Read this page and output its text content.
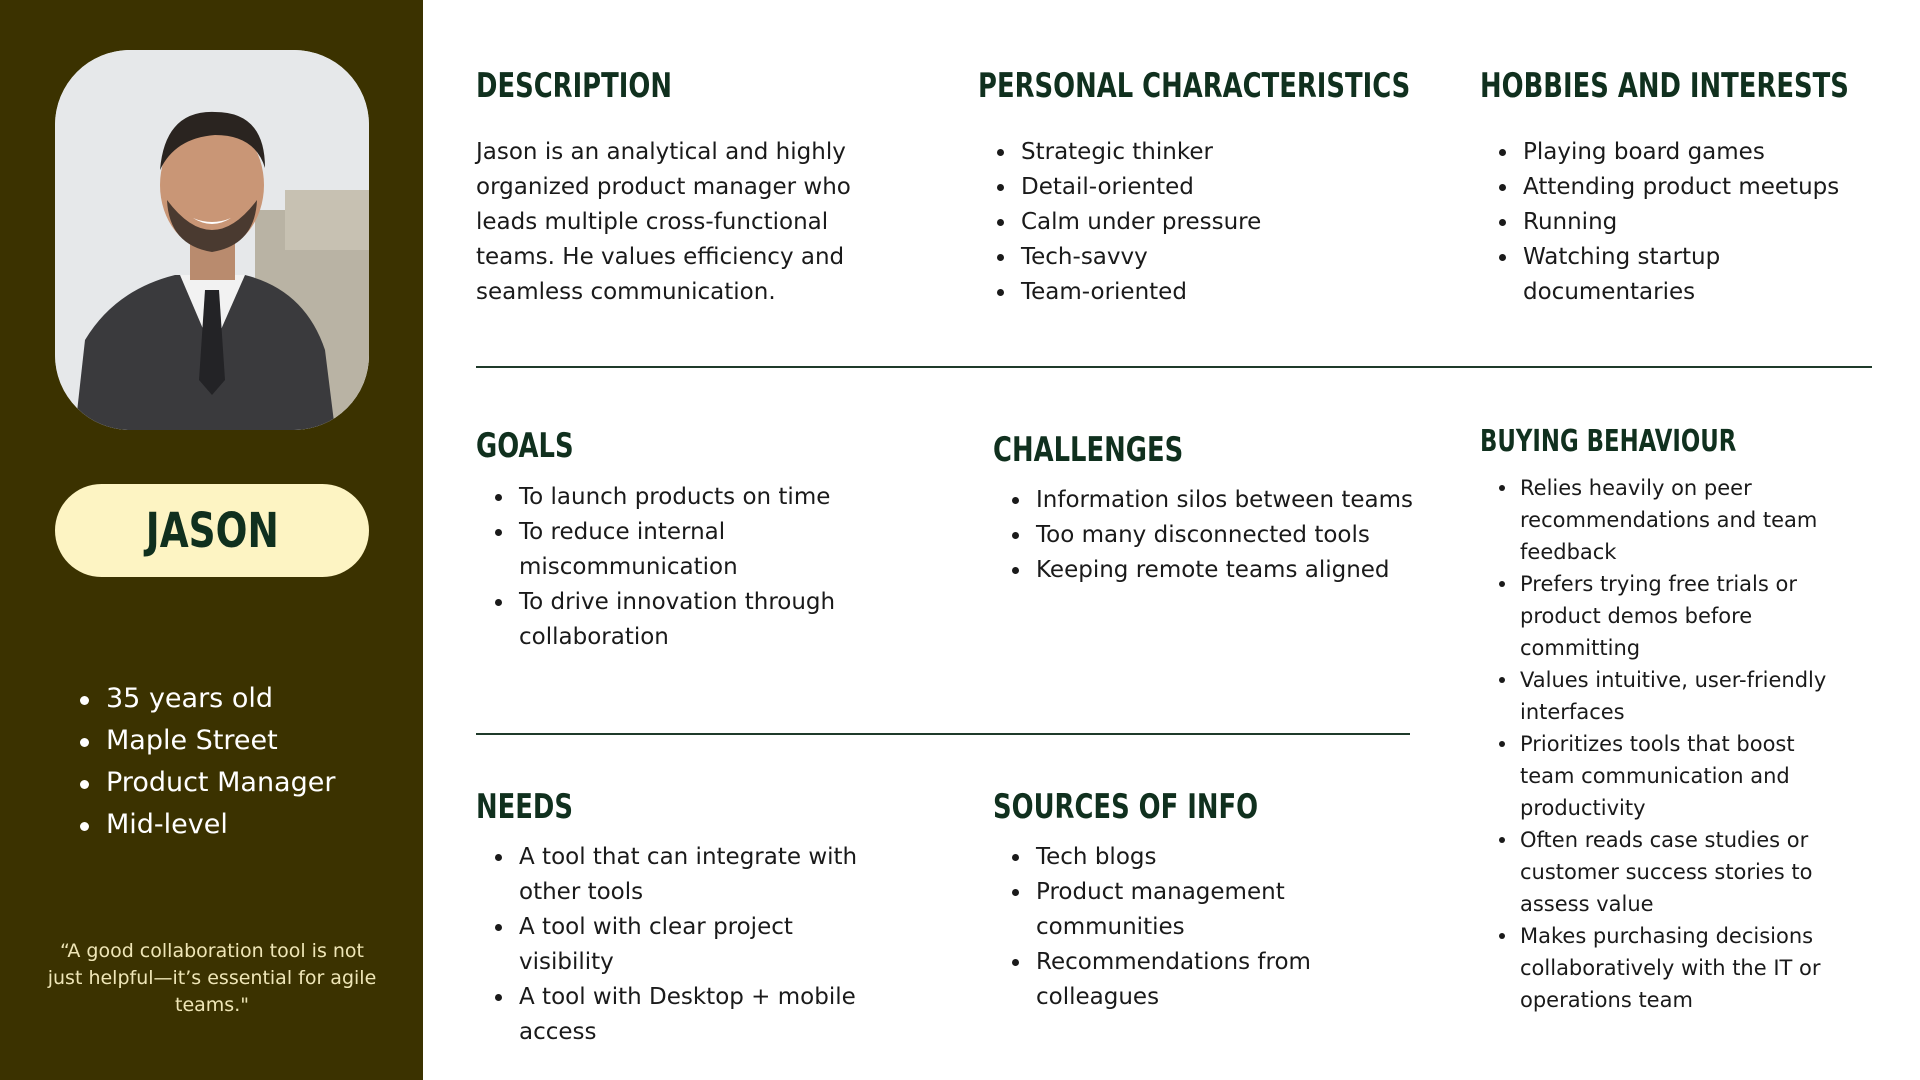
JASON
35 years old
Maple Street
Product Manager
Mid-level
“A good collaboration tool is not just helpful—it’s essential for agile teams."
DESCRIPTION
Jason is an analytical and highly organized product manager who leads multiple cross-functional teams. He values efficiency and seamless communication.
PERSONAL CHARACTERISTICS
Strategic thinker
Detail-oriented
Calm under pressure
Tech-savvy
Team-oriented
HOBBIES AND INTERESTS
Playing board games
Attending product meetups
Running
Watching startup documentaries
GOALS
To launch products on time
To reduce internal miscommunication
To drive innovation through collaboration
CHALLENGES
Information silos between teams
Too many disconnected tools
Keeping remote teams aligned
BUYING BEHAVIOUR
Relies heavily on peer recommendations and team feedback
Prefers trying free trials or product demos before committing
Values intuitive, user-friendly interfaces
Prioritizes tools that boost team communication and productivity
Often reads case studies or customer success stories to assess value
Makes purchasing decisions collaboratively with the IT or operations team
NEEDS
A tool that can integrate with other tools
A tool with clear project visibility
A tool with Desktop + mobile access
SOURCES OF INFO
Tech blogs
Product management communities
Recommendations from colleagues
